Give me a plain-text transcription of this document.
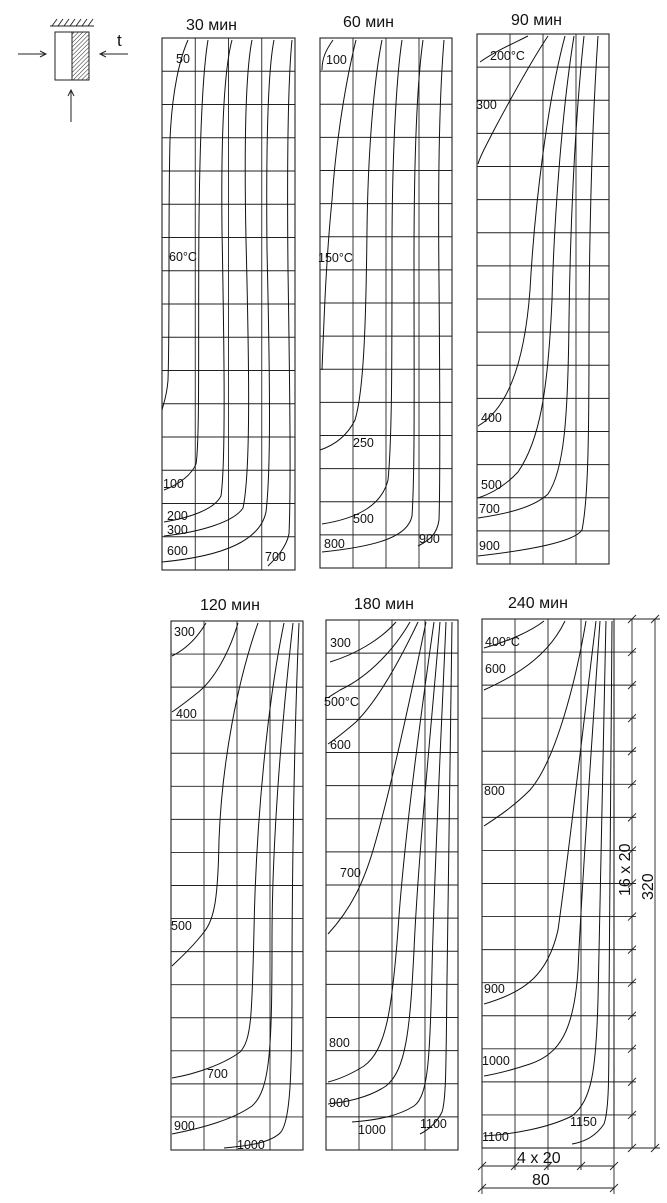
t
30 мин
50
60°C
100
200
300
600	700
60 мин
100
150°C
250
500
800	900
90 мин
200°C
300
400
500
700
900
120 мин
300
400
500
700
900
1000
180 мин
300
500°C
600
700
800
900
1000	1100
240 мин
400°C
600
800
900
1000
1100
1150
4 x 20
80
16 x 20 320
